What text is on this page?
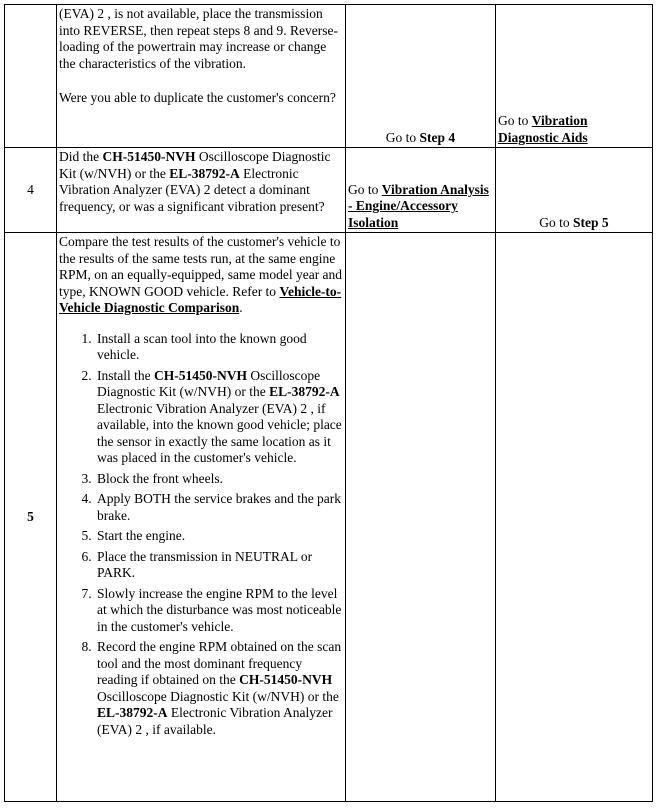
(EVA) 2 , is not available, place the transmission into REVERSE, then repeat steps 8 and 9. Reverse-loading of the powertrain may increase or change the characteristics of the vibration.

Were you able to duplicate the customer's concern?

	Go to Step 4	Go to Vibration Diagnostic Aids
4	Did the CH-51450-NVH Oscilloscope Diagnostic Kit (w/NVH) or the EL-38792-A Electronic Vibration Analyzer (EVA) 2 detect a dominant frequency, or was a significant vibration present?	Go to Vibration Analysis - Engine/Accessory Isolation	Go to Step 5
5	

Compare the test results of the customer's vehicle to the results of the same tests run, at the same engine RPM, on an equally-equipped, same model year and type, KNOWN GOOD vehicle. Refer to Vehicle-to-Vehicle Diagnostic Comparison.

1. Install a scan tool into the known good vehicle.
2. Install the CH-51450-NVH Oscilloscope Diagnostic Kit (w/NVH) or the EL-38792-A Electronic Vibration Analyzer (EVA) 2 , if available, into the known good vehicle; place the sensor in exactly the same location as it was placed in the customer's vehicle.
3. Block the front wheels.
4. Apply BOTH the service brakes and the park brake.
5. Start the engine.
6. Place the transmission in NEUTRAL or PARK.
7. Slowly increase the engine RPM to the level at which the disturbance was most noticeable in the customer's vehicle.
8. Record the engine RPM obtained on the scan tool and the most dominant frequency reading if obtained on the CH-51450-NVH Oscilloscope Diagnostic Kit (w/NVH) or the EL-38792-A Electronic Vibration Analyzer (EVA) 2 , if available.
